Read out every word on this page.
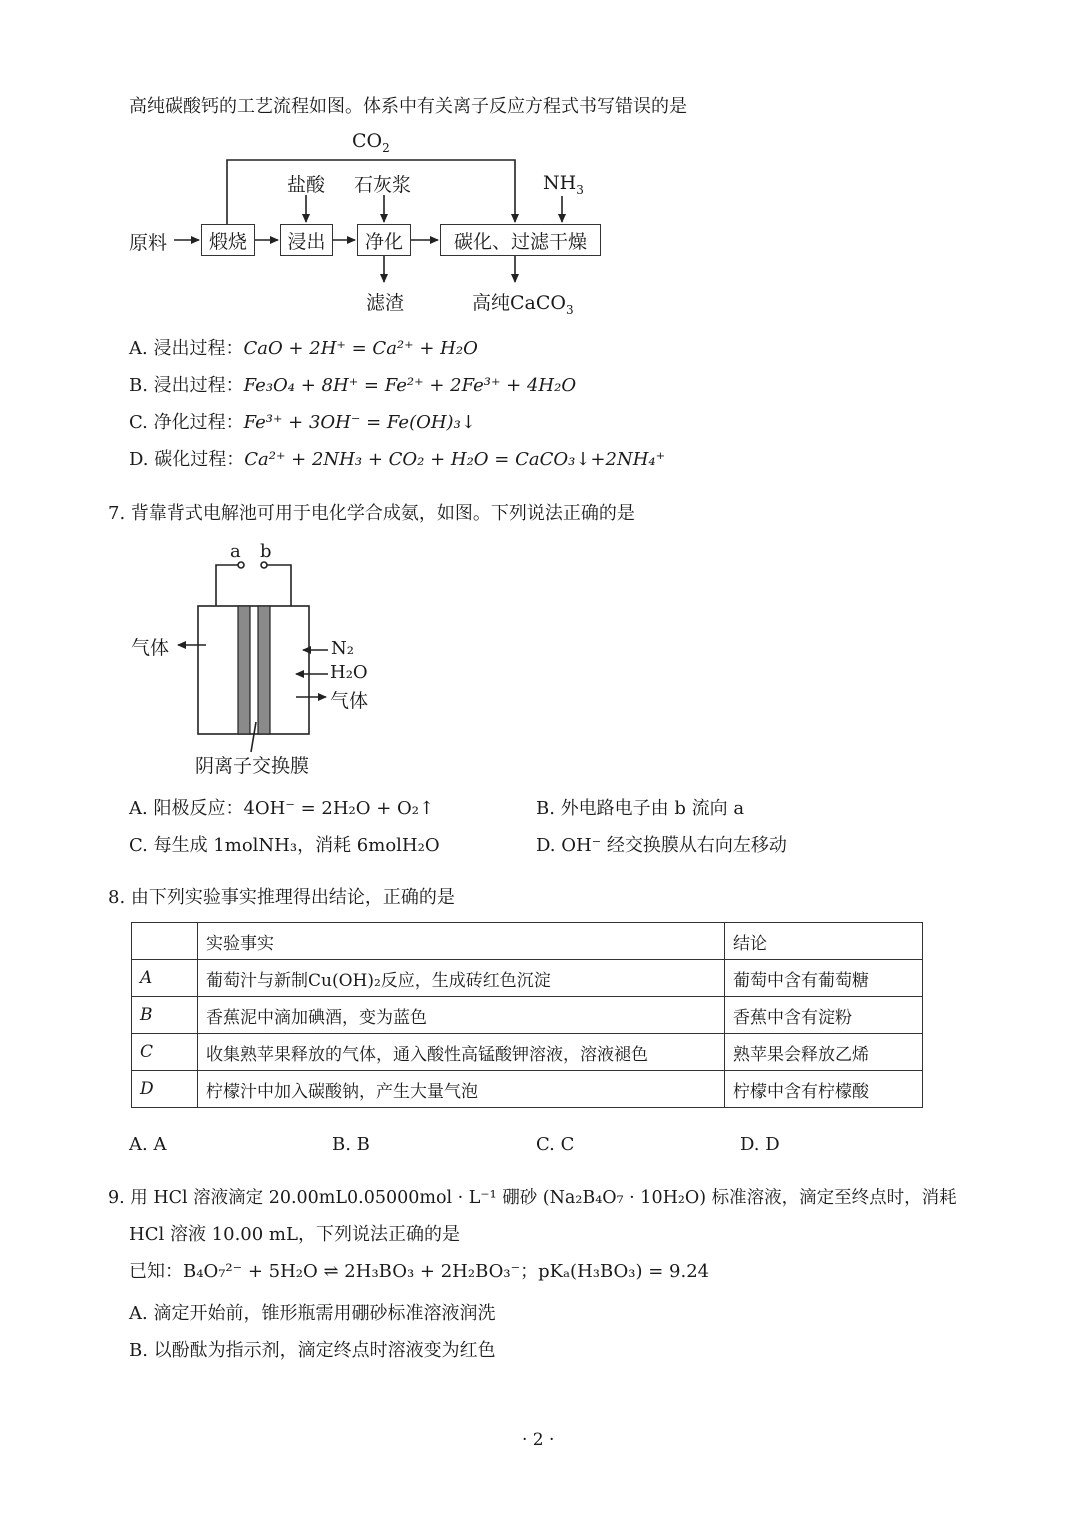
高纯碳酸钙的工艺流程如图。体系中有关离子反应方程式书写错误的是
$CO_2$
盐酸 石灰浆	$NH_3$
原料	煅烧	浸出	净化	碳化、过滤干燥
滤渣	高纯CaCO$_3$
A. 浸出过程：CaO + 2H⁺ = Ca²⁺ + H₂O
B. 浸出过程：Fe₃O₄ + 8H⁺ = Fe²⁺ + 2Fe³⁺ + 4H₂O
C. 净化过程：Fe³⁺ + 3OH⁻ = Fe(OH)₃↓
D. 碳化过程：Ca²⁺ + 2NH₃ + CO₂ + H₂O = CaCO₃↓+2NH₄⁺
7. 背靠背式电解池可用于电化学合成氨，如图。下列说法正确的是
a b
气体	N₂
H₂O
气体
阴离子交换膜
A. 阳极反应：4OH⁻ = 2H₂O + O₂↑	B. 外电路电子由 b 流向 a
C. 每生成 1molNH₃，消耗 6molH₂O	D. OH⁻ 经交换膜从右向左移动
8. 由下列实验事实推理得出结论，正确的是
	实验事实	结论
A	葡萄汁与新制Cu(OH)₂反应，生成砖红色沉淀	葡萄中含有葡萄糖
B	香蕉泥中滴加碘酒，变为蓝色	香蕉中含有淀粉
C	收集熟苹果释放的气体，通入酸性高锰酸钾溶液，溶液褪色	熟苹果会释放乙烯
D	柠檬汁中加入碳酸钠，产生大量气泡	柠檬中含有柠檬酸
A. A	B. B	C. C	D. D
9. 用 HCl 溶液滴定 20.00mL0.05000mol · L⁻¹ 硼砂 (Na₂B₄O₇ · 10H₂O) 标准溶液，滴定至终点时，消耗
HCl 溶液 10.00 mL，下列说法正确的是
已知：B₄O₇²⁻ + 5H₂O ⇌ 2H₃BO₃ + 2H₂BO₃⁻；pKₐ(H₃BO₃) = 9.24
A. 滴定开始前，锥形瓶需用硼砂标准溶液润洗
B. 以酚酞为指示剂，滴定终点时溶液变为红色
· 2 ·
